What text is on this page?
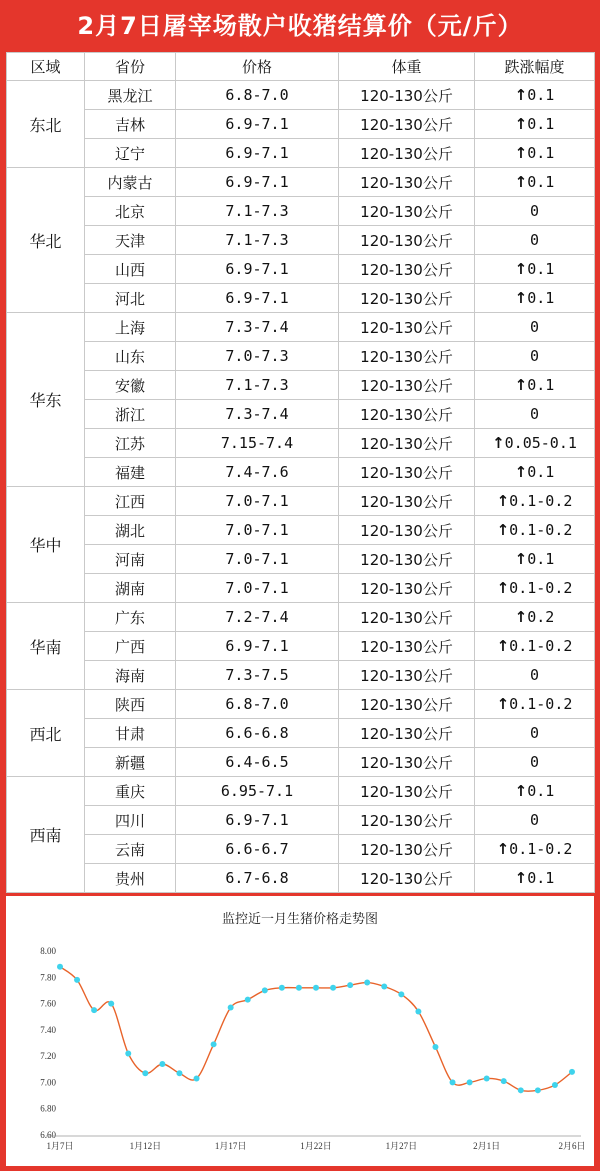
2月7日屠宰场散户收猪结算价（元/斤）
区域	省份	价格	体重	跌涨幅度
东北	黑龙江	6.8-7.0	120-130公斤	↑0.1
	吉林	6.9-7.1	120-130公斤	↑0.1
	辽宁	6.9-7.1	120-130公斤	↑0.1
华北	内蒙古	6.9-7.1	120-130公斤	↑0.1
	北京	7.1-7.3	120-130公斤	0
	天津	7.1-7.3	120-130公斤	0
	山西	6.9-7.1	120-130公斤	↑0.1
	河北	6.9-7.1	120-130公斤	↑0.1
华东	上海	7.3-7.4	120-130公斤	0
	山东	7.0-7.3	120-130公斤	0
	安徽	7.1-7.3	120-130公斤	↑0.1
	浙江	7.3-7.4	120-130公斤	0
	江苏	7.15-7.4	120-130公斤	↑0.05-0.1
	福建	7.4-7.6	120-130公斤	↑0.1
华中	江西	7.0-7.1	120-130公斤	↑0.1-0.2
	湖北	7.0-7.1	120-130公斤	↑0.1-0.2
	河南	7.0-7.1	120-130公斤	↑0.1
	湖南	7.0-7.1	120-130公斤	↑0.1-0.2
华南	广东	7.2-7.4	120-130公斤	↑0.2
	广西	6.9-7.1	120-130公斤	↑0.1-0.2
	海南	7.3-7.5	120-130公斤	0
西北	陕西	6.8-7.0	120-130公斤	↑0.1-0.2
	甘肃	6.6-6.8	120-130公斤	0
	新疆	6.4-6.5	120-130公斤	0
西南	重庆	6.95-7.1	120-130公斤	↑0.1
	四川	6.9-7.1	120-130公斤	0
	云南	6.6-6.7	120-130公斤	↑0.1-0.2
	贵州	6.7-6.8	120-130公斤	↑0.1
监控近一月生猪价格走势图
8.00
7.80
7.60
7.40
7.20
7.00
6.80
6.60
1月7日	1月12日	1月17日	1月22日	1月27日	2月1日	2月6日
